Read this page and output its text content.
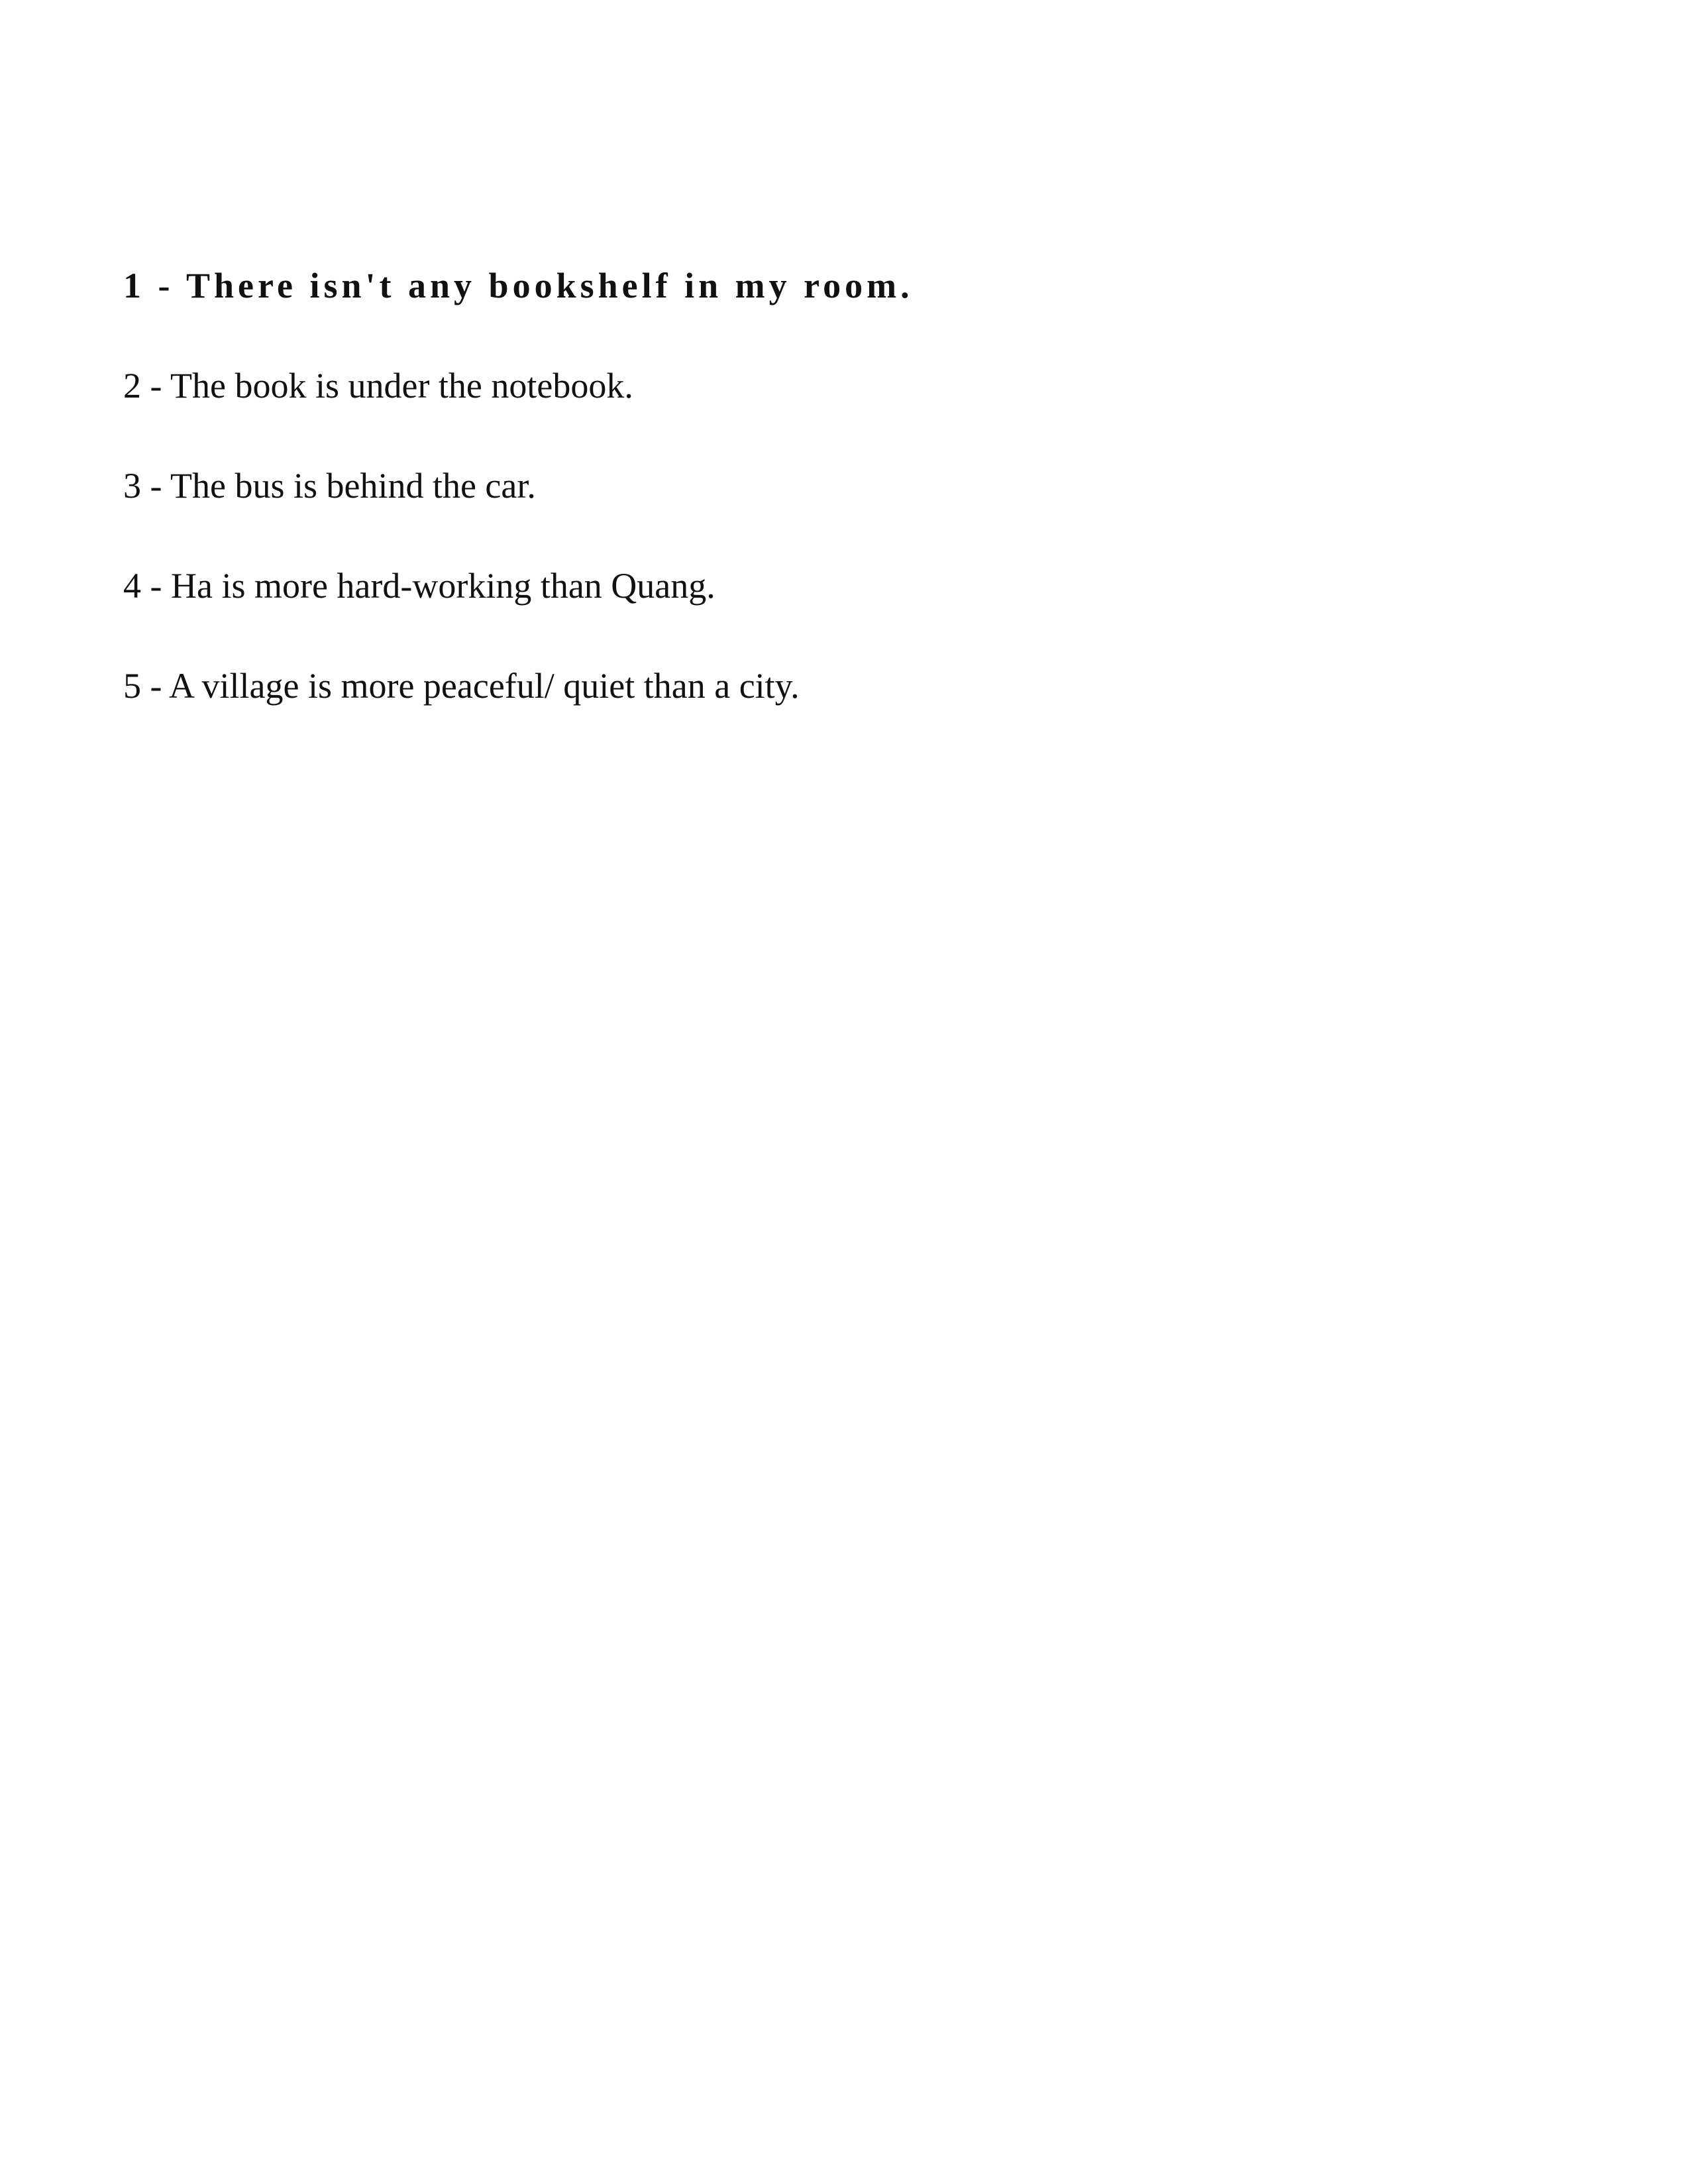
1 - There isn't any bookshelf in my room.
2 - The book is under the notebook.
3 - The bus is behind the car.
4 - Ha is more hard-working than Quang.
5 - A village is more peaceful/ quiet than a city.
